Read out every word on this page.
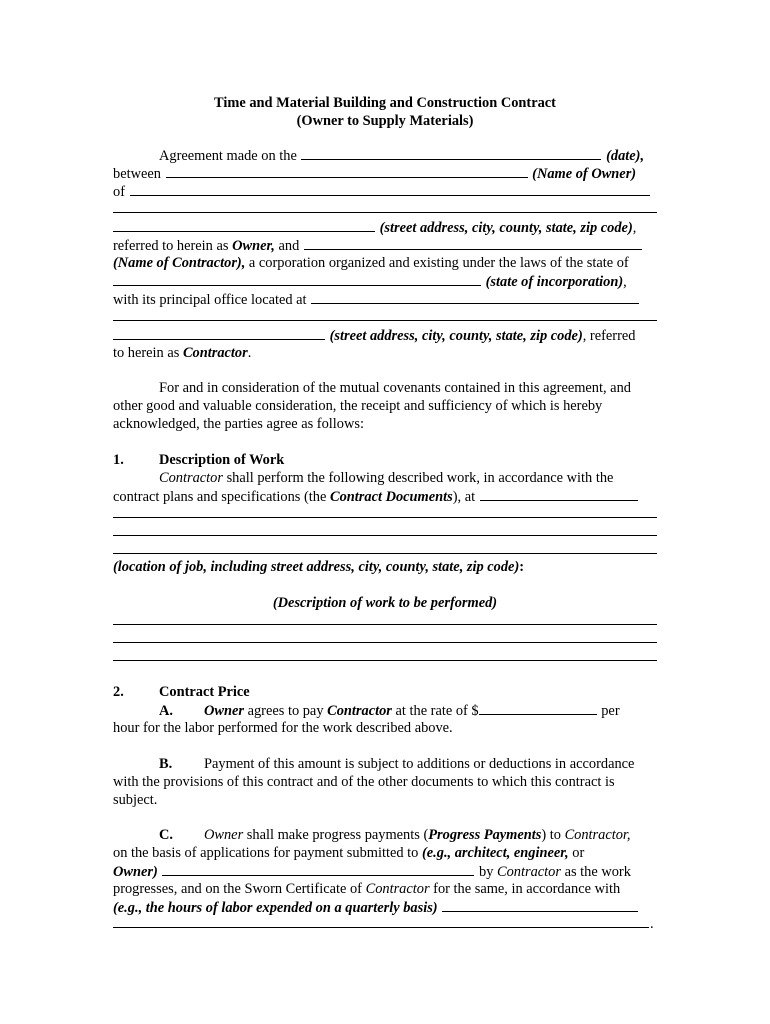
Time and Material Building and Construction Contract
(Owner to Supply Materials)
Agreement made on the	(date),
between	(Name of Owner)
of
(street address, city, county, state, zip code),
referred to herein as Owner, and
(Name of Contractor), a corporation organized and existing under the laws of the state of
(state of incorporation),
with its principal office located at
(street address, city, county, state, zip code), referred
to herein as Contractor.
For and in consideration of the mutual covenants contained in this agreement, and
other good and valuable consideration, the receipt and sufficiency of which is hereby
acknowledged, the parties agree as follows:
1. Description of Work
Contractor shall perform the following described work, in accordance with the
contract plans and specifications (the Contract Documents), at
(location of job, including street address, city, county, state, zip code):
(Description of work to be performed)
2. Contract Price
A. Owner agrees to pay Contractor at the rate of $	per
hour for the labor performed for the work described above.
B. Payment of this amount is subject to additions or deductions in accordance
with the provisions of this contract and of the other documents to which this contract is
subject.
C. Owner shall make progress payments (Progress Payments) to Contractor,
on the basis of applications for payment submitted to (e.g., architect, engineer, or
Owner)	by Contractor as the work
progresses, and on the Sworn Certificate of Contractor for the same, in accordance with
(e.g., the hours of labor expended on a quarterly basis)
.
